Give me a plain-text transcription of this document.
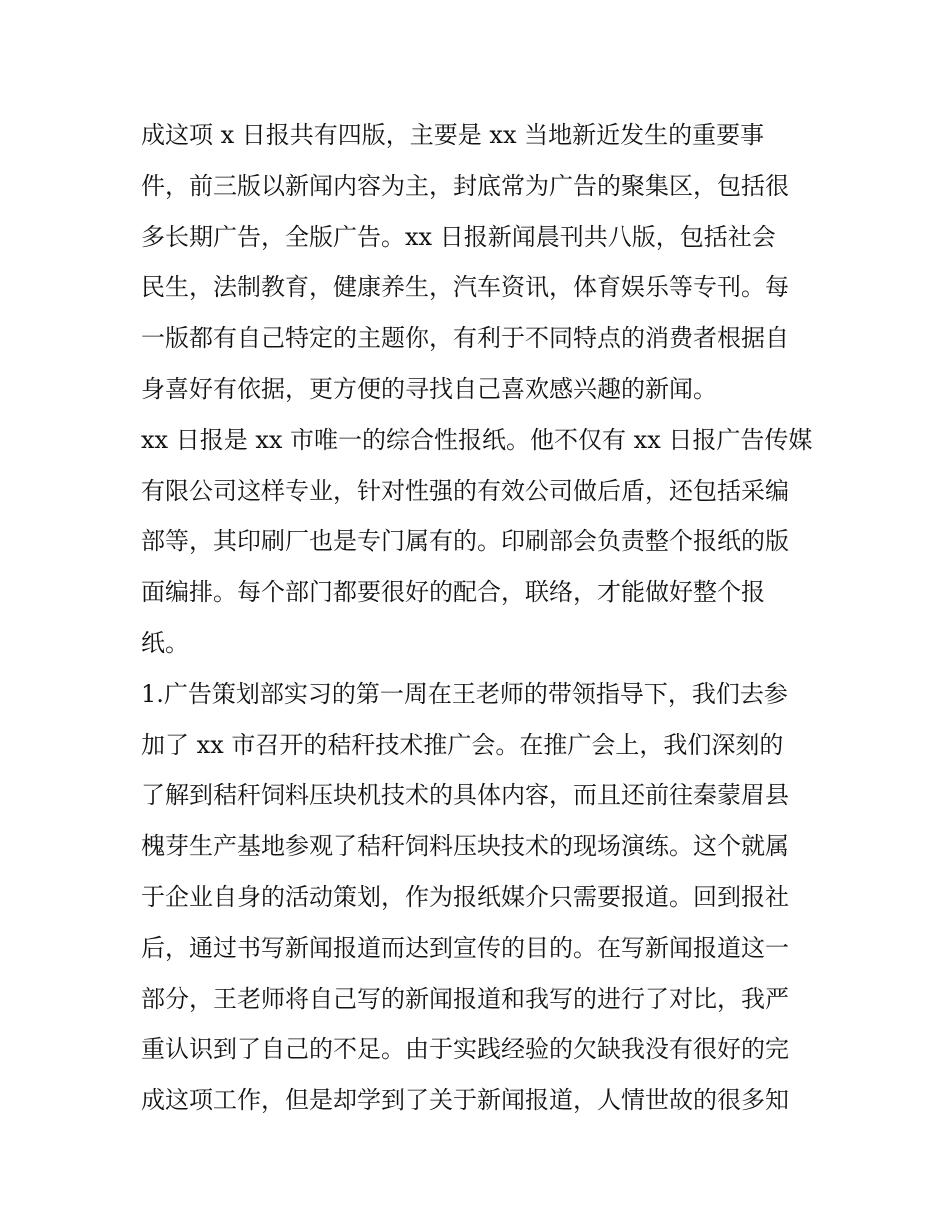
成这项 x 日报共有四版，主要是 xx 当地新近发生的重要事
件，前三版以新闻内容为主，封底常为广告的聚集区，包括很
多长期广告，全版广告。xx 日报新闻晨刊共八版，包括社会
民生，法制教育，健康养生，汽车资讯，体育娱乐等专刊。每
一版都有自己特定的主题你，有利于不同特点的消费者根据自
身喜好有依据，更方便的寻找自己喜欢感兴趣的新闻。
xx 日报是 xx 市唯一的综合性报纸。他不仅有 xx 日报广告传媒
有限公司这样专业，针对性强的有效公司做后盾，还包括采编
部等，其印刷厂也是专门属有的。印刷部会负责整个报纸的版
面编排。每个部门都要很好的配合，联络，才能做好整个报
纸。
1.广告策划部实习的第一周在王老师的带领指导下，我们去参
加了 xx 市召开的秸秆技术推广会。在推广会上，我们深刻的
了解到秸秆饲料压块机技术的具体内容，而且还前往秦蒙眉县
槐芽生产基地参观了秸秆饲料压块技术的现场演练。这个就属
于企业自身的活动策划，作为报纸媒介只需要报道。回到报社
后，通过书写新闻报道而达到宣传的目的。在写新闻报道这一
部分，王老师将自己写的新闻报道和我写的进行了对比，我严
重认识到了自己的不足。由于实践经验的欠缺我没有很好的完
成这项工作，但是却学到了关于新闻报道，人情世故的很多知
